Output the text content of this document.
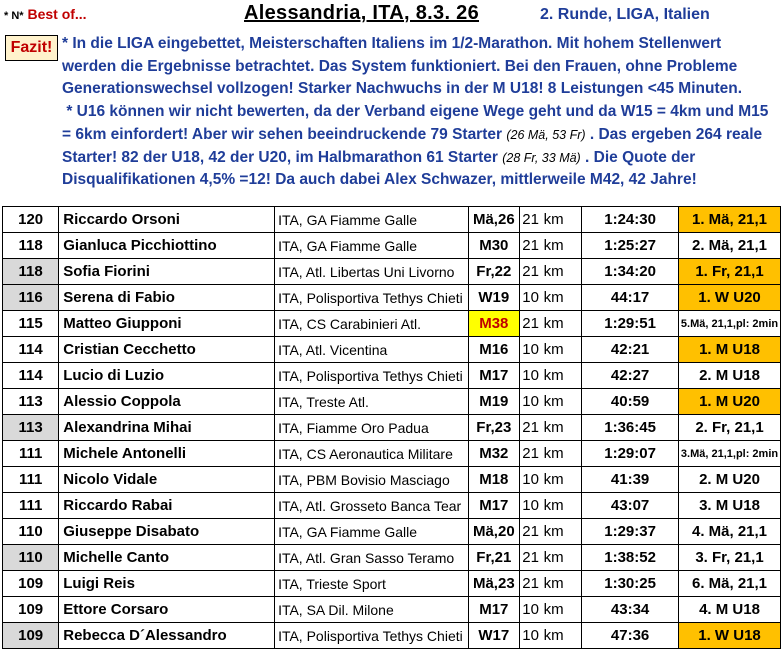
* N* Best of...	Alessandria, ITA, 8.3. 26	2. Runde, LIGA, Italien
Fazit! * In die LIGA eingebettet, Meisterschaften Italiens im 1/2-Marathon. Mit hohem Stellenwert werden die Ergebnisse betrachtet. Das System funktioniert. Bei den Frauen, ohne Probleme Generationswechsel vollzogen! Starker Nachwuchs in der M U18! 8 Leistungen <45 Minuten.
* U16 können wir nicht bewerten, da der Verband eigene Wege geht und da W15 = 4km und M15 = 6km einfordert! Aber wir sehen beeindruckende 79 Starter (26 Mä, 53 Fr) . Das ergeben 264 reale Starter! 82 der U18, 42 der U20, im Halbmarathon 61 Starter (28 Fr, 33 Mä) . Die Quote der Disqualifikationen 4,5% =12! Da auch dabei Alex Schwazer, mittlerweile M42, 42 Jahre!
120	Riccardo Orsoni	ITA, GA Fiamme Galle	Mä,26	21	km	1:24:30	1. Mä, 21,1
118	Gianluca Picchiottino	ITA, GA Fiamme Galle	M30	21	km	1:25:27	2. Mä, 21,1
118	Sofia Fiorini	ITA, Atl. Libertas Uni Livorno	Fr,22	21	km	1:34:20	1. Fr, 21,1
116	Serena di Fabio	ITA, Polisportiva Tethys Chieti	W19	10	km	44:17	1. W U20
115	Matteo Giupponi	ITA, CS Carabinieri Atl.	M38	21	km	1:29:51	5.Mä, 21,1,pl: 2min
114	Cristian Cecchetto	ITA, Atl. Vicentina	M16	10	km	42:21	1. M U18
114	Lucio di Luzio	ITA, Polisportiva Tethys Chieti	M17	10	km	42:27	2. M U18
113	Alessio Coppola	ITA, Treste Atl.	M19	10	km	40:59	1. M U20
113	Alexandrina Mihai	ITA, Fiamme Oro Padua	Fr,23	21	km	1:36:45	2. Fr, 21,1
111	Michele Antonelli	ITA, CS Aeronautica Militare	M32	21	km	1:29:07	3.Mä, 21,1,pl: 2min
111	Nicolo Vidale	ITA, PBM Bovisio Masciago	M18	10	km	41:39	2. M U20
111	Riccardo Rabai	ITA, Atl. Grosseto Banca Tear	M17	10	km	43:07	3. M U18
110	Giuseppe Disabato	ITA, GA Fiamme Galle	Mä,20	21	km	1:29:37	4. Mä, 21,1
110	Michelle Canto	ITA, Atl. Gran Sasso Teramo	Fr,21	21	km	1:38:52	3. Fr, 21,1
109	Luigi Reis	ITA, Trieste Sport	Mä,23	21	km	1:30:25	6. Mä, 21,1
109	Ettore Corsaro	ITA, SA Dil. Milone	M17	10	km	43:34	4. M U18
109	Rebecca D´Alessandro	ITA, Polisportiva Tethys Chieti	W17	10	km	47:36	1. W U18
